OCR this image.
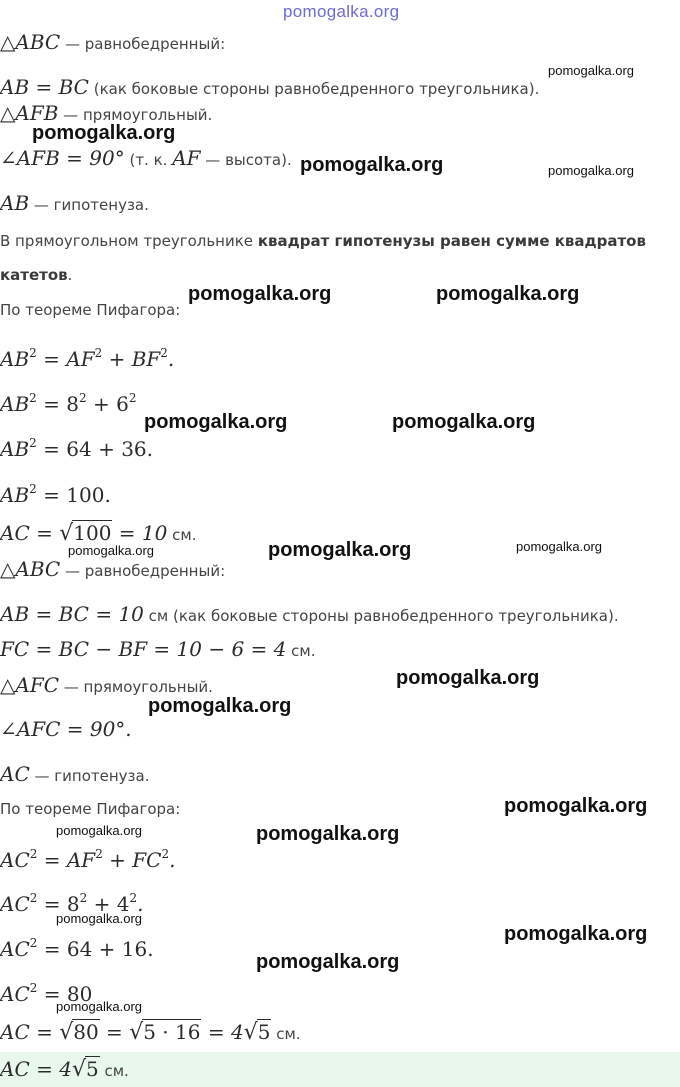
pomogalka.org
pomogalka.org
pomogalka.org
pomogalka.org	pomogalka.org
pomogalka.org	pomogalka.org
pomogalka.org	pomogalka.org
pomogalka.org	pomogalka.org	pomogalka.org
pomogalka.org
pomogalka.org
pomogalka.org
pomogalka.org	pomogalka.org
pomogalka.org
pomogalka.org
pomogalka.org
pomogalka.org
△ABC — равнобедренный:
AB = BC (как боковые стороны равнобедренного треугольника).
△AFB — прямоугольный.
∠AFB = 90° (т. к. AF — высота).
AB — гипотенуза.
В прямоугольном треугольнике квадрат гипотенузы равен сумме квадратов
катетов.
По теореме Пифагора:
$AB^2 = AF^2 + BF^2$.
$AB^2 = 8^2 + 6^2$
$AB^2 = 64 + 36$.
$AB^2 = 100$.
AC = √100 = 10 см.
△ABC — равнобедренный:
AB = BC = 10 см (как боковые стороны равнобедренного треугольника).
FC = BC − BF = 10 − 6 = 4 см.
△AFC — прямоугольный.
∠AFC = 90°.
AC — гипотенуза.
По теореме Пифагора:
$AC^2 = AF^2 + FC^2$.
$AC^2 = 8^2 + 4^2$.
$AC^2 = 64 + 16$.
$AC^2 = 80$
AC = √80 = √5 · 16 = 4√5 см.
AC = 4√5 см.
